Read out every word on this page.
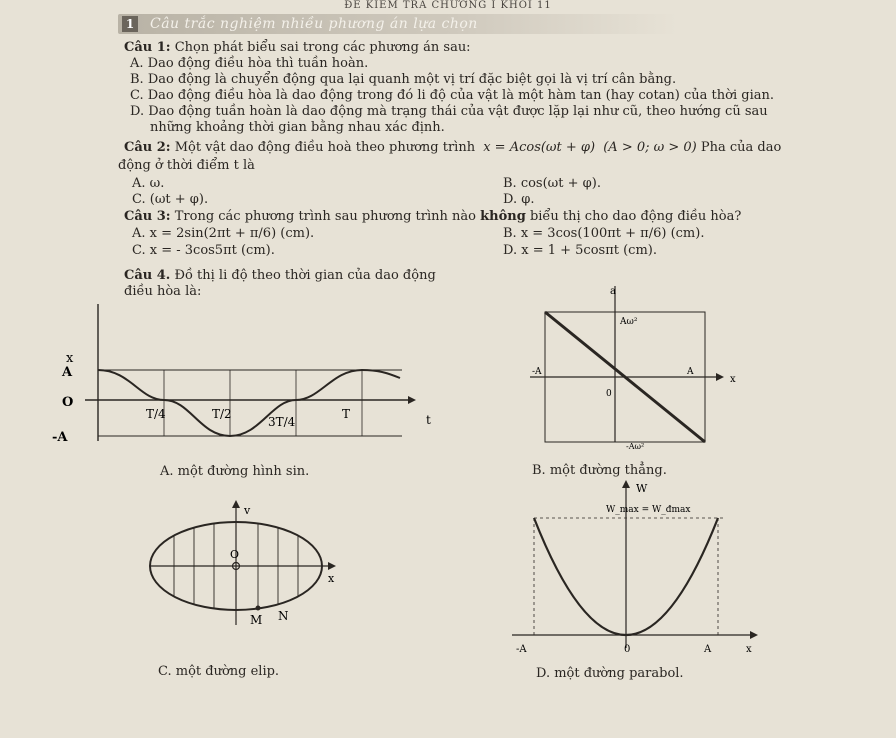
ĐỀ KIỂM TRA CHƯƠNG I KHỐI 11
1 Câu trắc nghiệm nhiều phương án lựa chọn
Câu 1: Chọn phát biểu sai trong các phương án sau:
A. Dao động điều hòa thì tuần hoàn.
B. Dao động là chuyển động qua lại quanh một vị trí đặc biệt gọi là vị trí cân bằng.
C. Dao động điều hòa là dao động trong đó li độ của vật là một hàm tan (hay cotan) của thời gian.
D. Dao động tuần hoàn là dao động mà trạng thái của vật được lặp lại như cũ, theo hướng cũ sau
những khoảng thời gian bằng nhau xác định.
Câu 2: Một vật dao động điều hoà theo phương trình x = Acos(ωt + φ) (A > 0; ω > 0) Pha của dao
động ở thời điểm t là
A. ω.	B. cos(ωt + φ).
C. (ωt + φ).	D. φ.
Câu 3: Trong các phương trình sau phương trình nào không biểu thị cho dao động điều hòa?
A. x = 2sin(2πt + π/6) (cm).	B. x = 3cos(100πt + π/6) (cm).
C. x = - 3cos5πt (cm).	D. x = 1 + 5cosπt (cm).
Câu 4. Đồ thị li độ theo thời gian của dao động
điều hòa là:
x
A
O
-A
T/4	T/2
3T/4
T	t
A. một đường hình sin.
a
Aω²
-A
0
A
x
-Aω²
B. một đường thẳng.
v
O
x
M N
C. một đường elip.
W
W_max = W_đmax
-A	0	A	x
D. một đường parabol.
